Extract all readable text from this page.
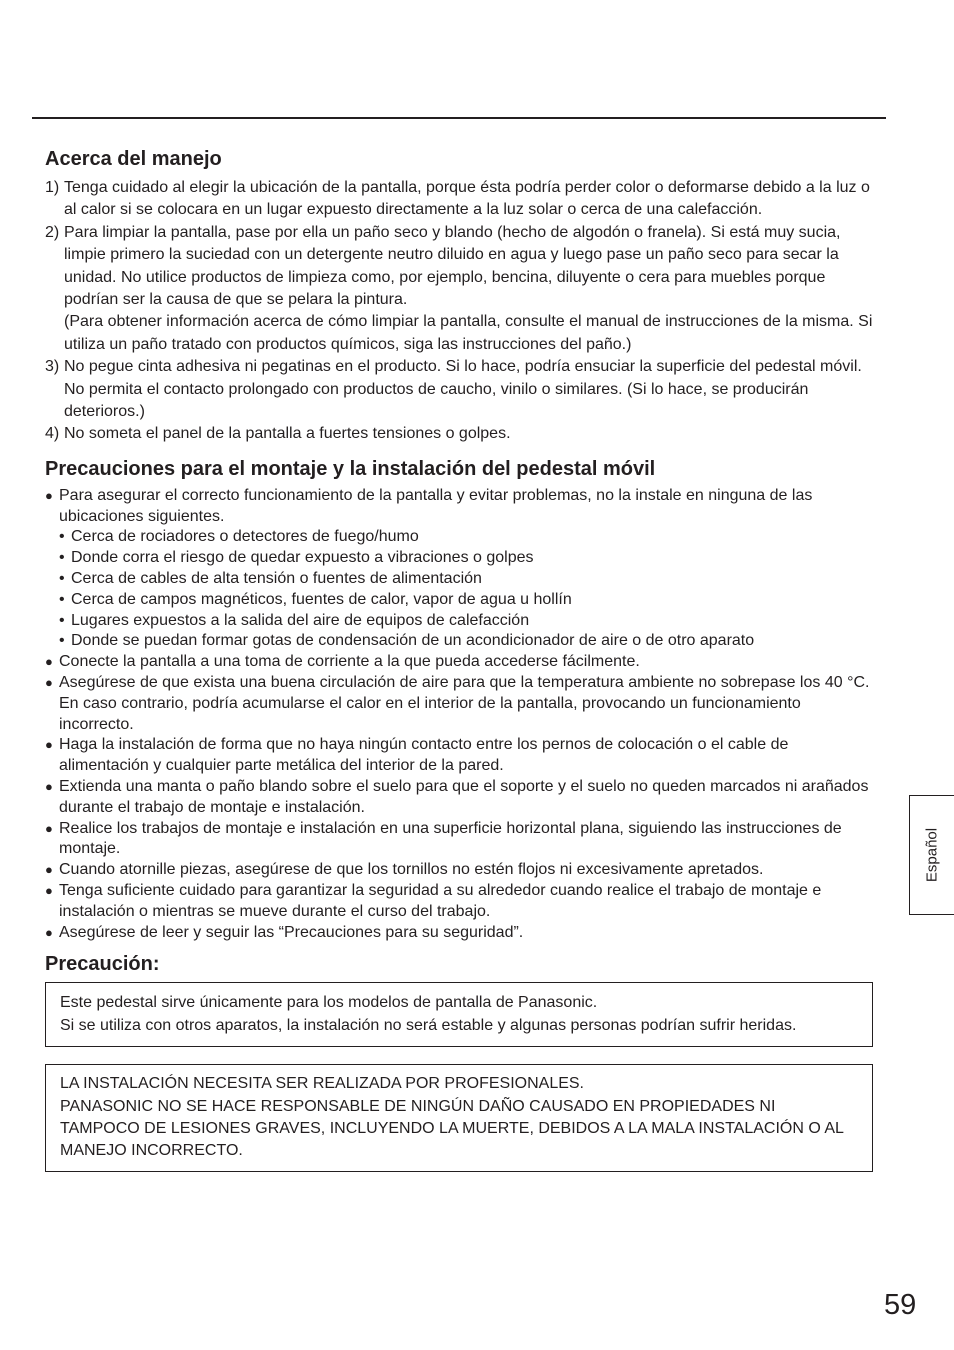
Acerca del manejo
1) Tenga cuidado al elegir la ubicación de la pantalla, porque ésta podría perder color o deformarse debido a la luz o al calor si se colocara en un lugar expuesto directamente a la luz solar o cerca de una calefacción.
2) Para limpiar la pantalla, pase por ella un paño seco y blando (hecho de algodón o franela). Si está muy sucia, limpie primero la suciedad con un detergente neutro diluido en agua y luego pase un paño seco para secar la unidad. No utilice productos de limpieza como, por ejemplo, bencina, diluyente o cera para muebles porque podrían ser la causa de que se pelara la pintura.
(Para obtener información acerca de cómo limpiar la pantalla, consulte el manual de instrucciones de la misma. Si utiliza un paño tratado con productos químicos, siga las instrucciones del paño.)
3) No pegue cinta adhesiva ni pegatinas en el producto. Si lo hace, podría ensuciar la superficie del pedestal móvil. No permita el contacto prolongado con productos de caucho, vinilo o similares. (Si lo hace, se producirán deterioros.)
4) No someta el panel de la pantalla a fuertes tensiones o golpes.
Precauciones para el montaje y la instalación del pedestal móvil
● Para asegurar el correcto funcionamiento de la pantalla y evitar problemas, no la instale en ninguna de las ubicaciones siguientes.
• Cerca de rociadores o detectores de fuego/humo
• Donde corra el riesgo de quedar expuesto a vibraciones o golpes
• Cerca de cables de alta tensión o fuentes de alimentación
• Cerca de campos magnéticos, fuentes de calor, vapor de agua u hollín
• Lugares expuestos a la salida del aire de equipos de calefacción
• Donde se puedan formar gotas de condensación de un acondicionador de aire o de otro aparato
● Conecte la pantalla a una toma de corriente a la que pueda accederse fácilmente.
● Asegúrese de que exista una buena circulación de aire para que la temperatura ambiente no sobrepase los 40 °C. En caso contrario, podría acumularse el calor en el interior de la pantalla, provocando un funcionamiento incorrecto.
● Haga la instalación de forma que no haya ningún contacto entre los pernos de colocación o el cable de alimentación y cualquier parte metálica del interior de la pared.
● Extienda una manta o paño blando sobre el suelo para que el soporte y el suelo no queden marcados ni arañados durante el trabajo de montaje e instalación.
● Realice los trabajos de montaje e instalación en una superficie horizontal plana, siguiendo las instrucciones de montaje.
● Cuando atornille piezas, asegúrese de que los tornillos no estén flojos ni excesivamente apretados.
● Tenga suficiente cuidado para garantizar la seguridad a su alrededor cuando realice el trabajo de montaje e instalación o mientras se mueve durante el curso del trabajo.
● Asegúrese de leer y seguir las “Precauciones para su seguridad”.
Precaución:

Este pedestal sirve únicamente para los modelos de pantalla de Panasonic.

Si se utiliza con otros aparatos, la instalación no será estable y algunas personas podrían sufrir heridas.

LA INSTALACIÓN NECESITA SER REALIZADA POR PROFESIONALES.

PANASONIC NO SE HACE RESPONSABLE DE NINGÚN DAÑO CAUSADO EN PROPIEDADES NI TAMPOCO DE LESIONES GRAVES, INCLUYENDO LA MUERTE, DEBIDOS A LA MALA INSTALACIÓN O AL MANEJO INCORRECTO.

Español
59
